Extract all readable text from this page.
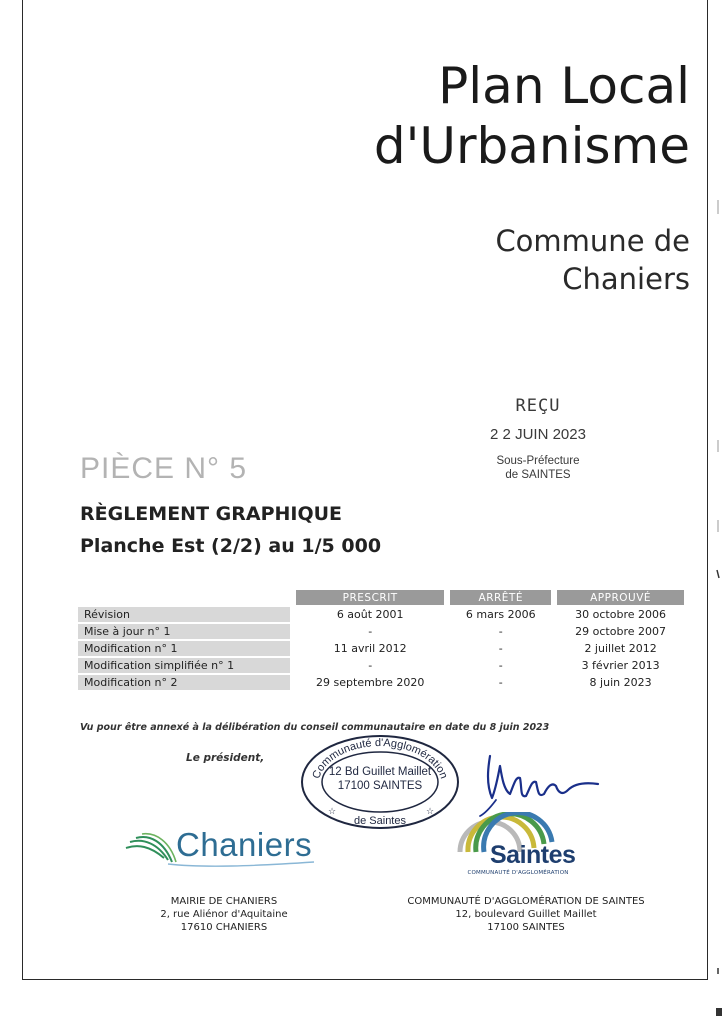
Plan Local
d'Urbanisme
Commune de
Chaniers
REÇU
2 2 JUIN 2023
Sous-Préfecture
de SAINTES
PIÈCE N° 5
RÈGLEMENT GRAPHIQUE
Planche Est (2/2) au 1/5 000
		PRESCRIT		ARRÊTÉ		APPROUVÉ
Révision		6 août 2001		6 mars 2006		30 octobre 2006
Mise à jour n° 1		-		-		29 octobre 2007
Modification n° 1		11 avril 2012		-		2 juillet 2012
Modification simplifiée n° 1		-		-		3 février 2013
Modification n° 2		29 septembre 2020		-		8 juin 2023
Vu pour être annexé à la délibération du conseil communautaire en date du 8 juin 2023
Le président,
Communauté d'Agglomération
de Saintes
☆	☆
12 Bd Guillet Maillet
17100 SAINTES
Chaniers	Saintes
COMMUNAUTÉ D'AGGLOMÉRATION
MAIRIE DE CHANIERS
2, rue Aliénor d'Aquitaine
17610 CHANIERS
COMMUNAUTÉ D'AGGLOMÉRATION DE SAINTES
12, boulevard Guillet Maillet
17100 SAINTES
